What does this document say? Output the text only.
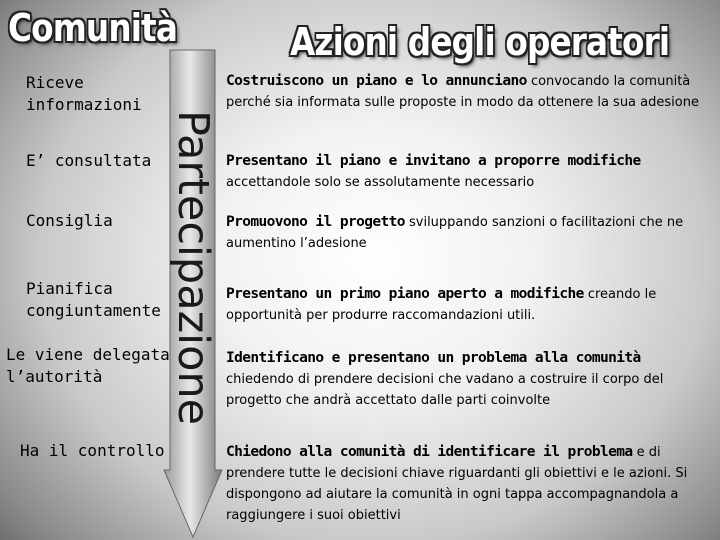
Comunità	Azioni degli operatori
Partecipazione
Riceve
informazioni
E’ consultata
Consiglia
Pianifica
congiuntamente
Le viene delegata
l’autorità
Ha il controllo
Costruiscono un piano e lo annunciano convocando la comunità perché sia informata sulle proposte in modo da ottenere la sua adesione
Presentano il piano e invitano a proporre modifiche accettandole solo se assolutamente necessario
Promuovono il progetto sviluppando sanzioni o facilitazioni che ne aumentino l’adesione
Presentano un primo piano aperto a modifiche creando le opportunità per produrre raccomandazioni utili.
Identificano e presentano un problema alla comunità chiedendo di prendere decisioni che vadano a costruire il corpo del progetto che andrà accettato dalle parti coinvolte
Chiedono alla comunità di identificare il problema e di prendere tutte le decisioni chiave riguardanti gli obiettivi e le azioni. Si dispongono ad aiutare la comunità in ogni tappa accompagnandola a raggiungere i suoi obiettivi
